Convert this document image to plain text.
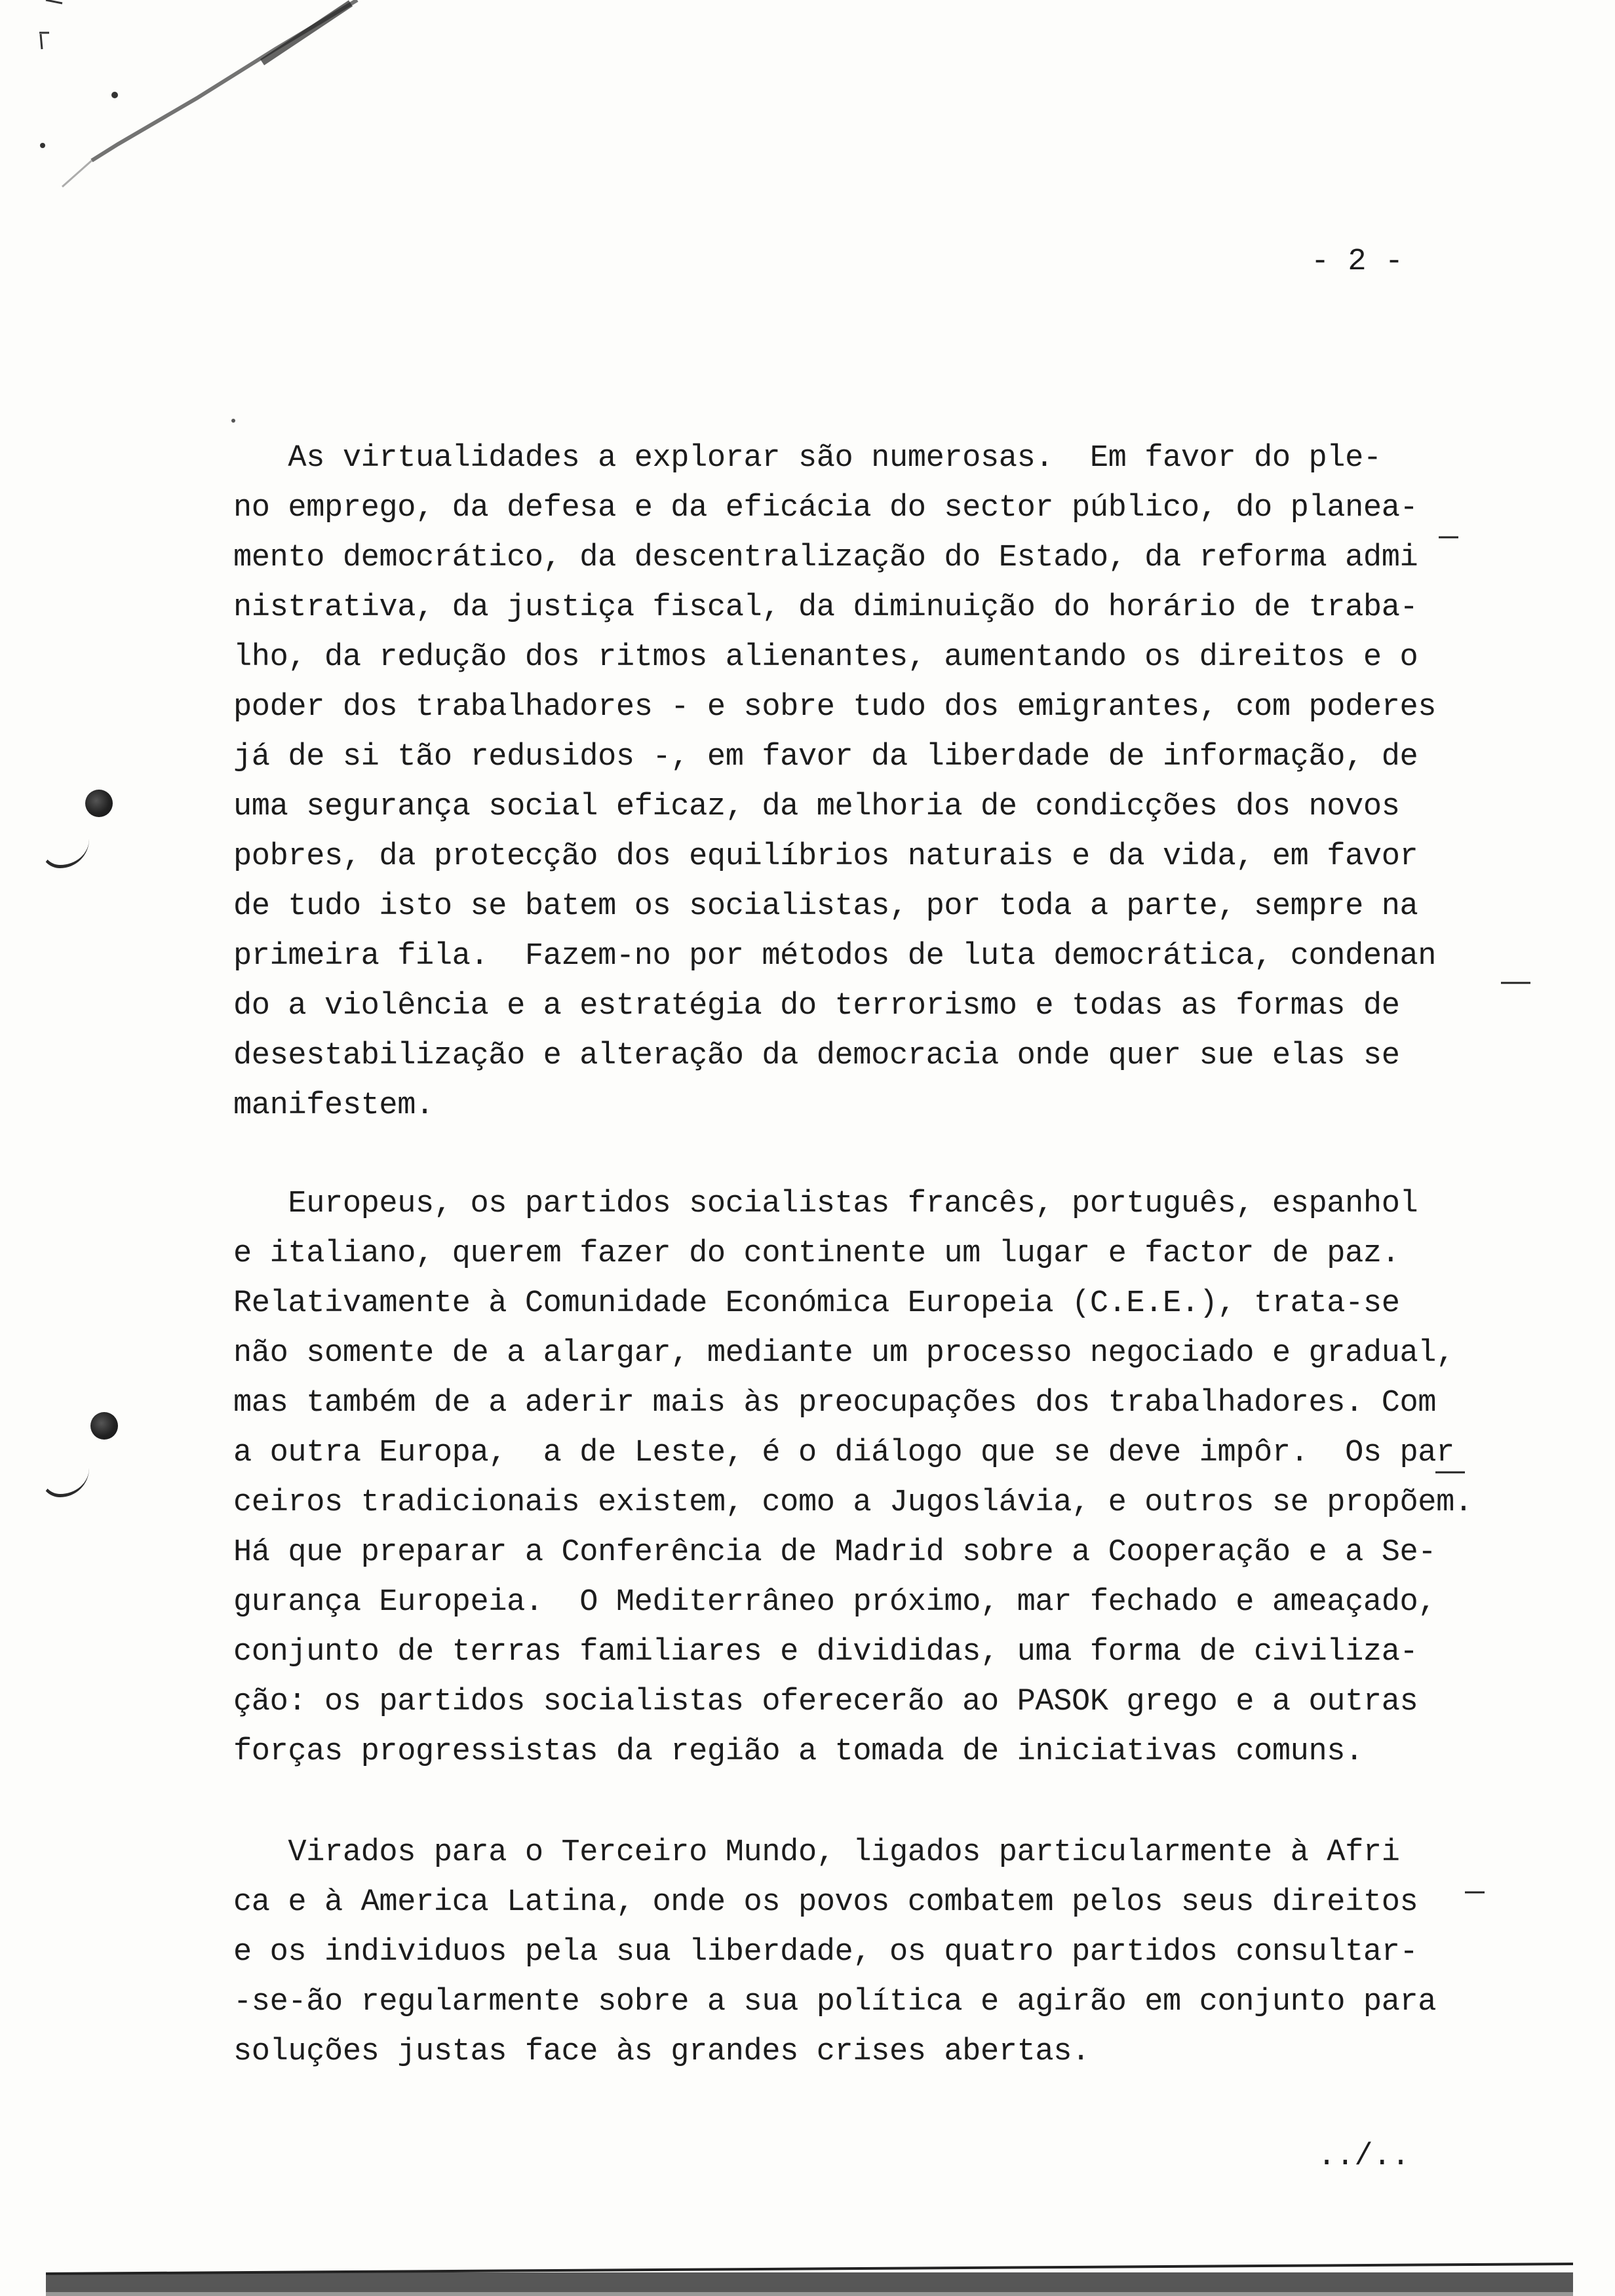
- 2 -
As virtualidades a explorar são numerosas.  Em favor do ple-
no emprego, da defesa e da eficácia do sector público, do planea-
mento democrático, da descentralização do Estado, da reforma admi
nistrativa, da justiça fiscal, da diminuição do horário de traba-
lho, da redução dos ritmos alienantes, aumentando os direitos e o
poder dos trabalhadores - e sobre tudo dos emigrantes, com poderes
já de si tão redusidos -, em favor da liberdade de informação, de
uma segurança social eficaz, da melhoria de condicções dos novos
pobres, da protecção dos equilíbrios naturais e da vida, em favor
de tudo isto se batem os socialistas, por toda a parte, sempre na
primeira fila.  Fazem-no por métodos de luta democrática, condenan
do a violência e a estratégia do terrorismo e todas as formas de
desestabilização e alteração da democracia onde quer sue elas se
manifestem.
Europeus, os partidos socialistas francês, português, espanhol
e italiano, querem fazer do continente um lugar e factor de paz.
Relativamente à Comunidade Económica Europeia (C.E.E.), trata-se
não somente de a alargar, mediante um processo negociado e gradual,
mas também de a aderir mais às preocupações dos trabalhadores. Com
a outra Europa,  a de Leste, é o diálogo que se deve impôr.  Os par
ceiros tradicionais existem, como a Jugoslávia, e outros se propõem.
Há que preparar a Conferência de Madrid sobre a Cooperação e a Se-
gurança Europeia.  O Mediterrâneo próximo, mar fechado e ameaçado,
conjunto de terras familiares e divididas, uma forma de civiliza-
ção: os partidos socialistas oferecerão ao PASOK grego e a outras
forças progressistas da região a tomada de iniciativas comuns.
Virados para o Terceiro Mundo, ligados particularmente à Afri
ca e à America Latina, onde os povos combatem pelos seus direitos
e os individuos pela sua liberdade, os quatro partidos consultar-
-se-ão regularmente sobre a sua política e agirão em conjunto para
soluções justas face às grandes crises abertas.
../..
